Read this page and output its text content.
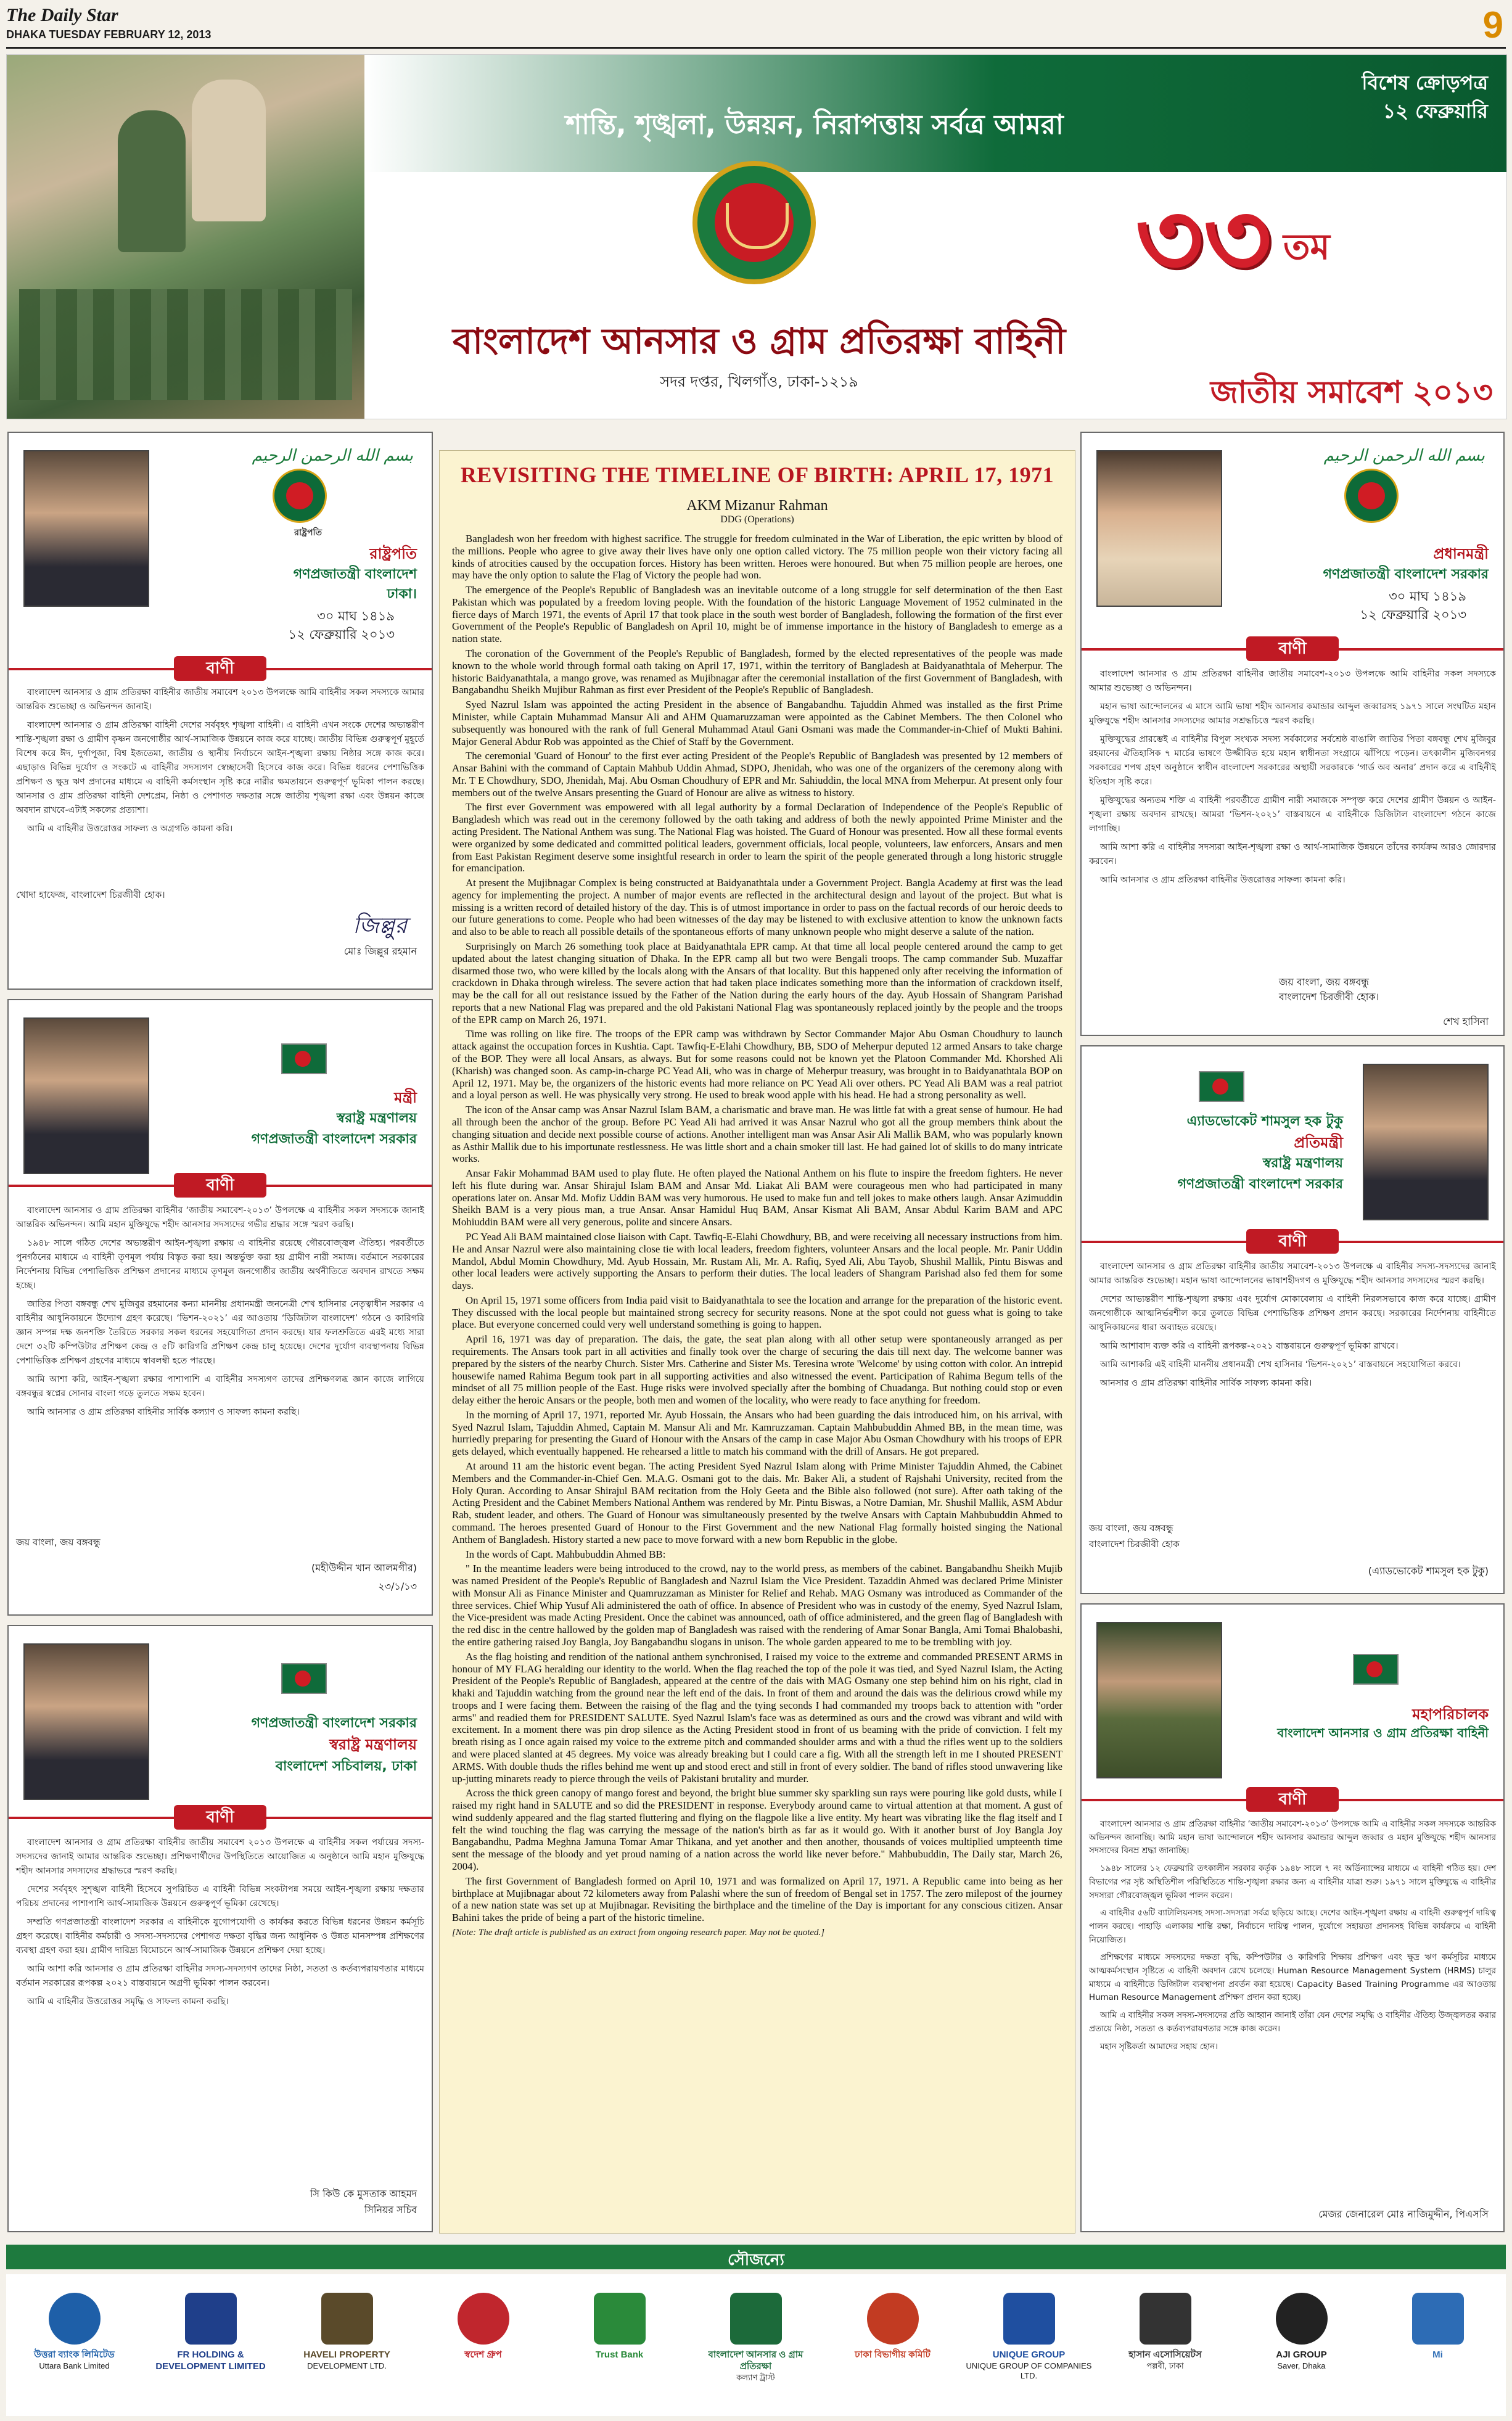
The Daily Star
DHAKA TUESDAY FEBRUARY 12, 2013	9
শান্তি, শৃঙ্খলা, উন্নয়ন, নিরাপত্তায় সর্বত্র আমরা
বিশেষ ক্রোড়পত্র
১২ ফেব্রুয়ারি
বাংলাদেশ আনসার ও গ্রাম প্রতিরক্ষা বাহিনী
সদর দপ্তর, খিলগাঁও, ঢাকা-১২১৯
৩৩ তম
জাতীয় সমাবেশ ২০১৩
بسم الله الرحمن الرحيم
রাষ্ট্রপতি
রাষ্ট্রপতি
গণপ্রজাতন্ত্রী বাংলাদেশ
ঢাকা।
৩০ মাঘ ১৪১৯
১২ ফেব্রুয়ারি ২০১৩
বাণী

বাংলাদেশ আনসার ও গ্রাম প্রতিরক্ষা বাহিনীর জাতীয় সমাবেশ ২০১৩ উপলক্ষে আমি বাহিনীর সকল সদস্যকে আমার আন্তরিক শুভেচ্ছা ও অভিনন্দন জানাই।

বাংলাদেশ আনসার ও গ্রাম প্রতিরক্ষা বাহিনী দেশের সর্ববৃহৎ শৃঙ্খলা বাহিনী। এ বাহিনী এখন সংকে দেশের অভ্যন্তরীণ শান্তি-শৃঙ্খলা রক্ষা ও গ্রামীণ কৃষ্ণন জনগোষ্ঠীর আর্থ-সামাজিক উন্নয়নে কাজ করে যাচ্ছে। জাতীয় বিভিন্ন গুরুত্বপূর্ণ মুহূর্তে বিশেষ করে ঈদ, দুর্গাপূজা, বিশ্ব ইজতেমা, জাতীয় ও স্থানীয় নির্বাচনে আইন-শৃঙ্খলা রক্ষায় নিষ্ঠার সঙ্গে কাজ করে। এছাড়াও বিভিন্ন দুর্যোগ ও সংকটে এ বাহিনীর সদস্যগণ স্বেচ্ছাসেবী হিসেবে কাজ করে। বিভিন্ন ধরনের পেশাভিত্তিক প্রশিক্ষণ ও ক্ষুদ্র ঋণ প্রদানের মাধ্যমে এ বাহিনী কর্মসংস্থান সৃষ্টি করে নারীর ক্ষমতায়নে গুরুত্বপূর্ণ ভূমিকা পালন করছে। আনসার ও গ্রাম প্রতিরক্ষা বাহিনী দেশপ্রেম, নিষ্ঠা ও পেশাগত দক্ষতার সঙ্গে জাতীয় শৃঙ্খলা রক্ষা এবং উন্নয়ন কাজে অবদান রাখবে-এটাই সকলের প্রত্যাশা।

আমি এ বাহিনীর উত্তরোত্তর সাফল্য ও অগ্রগতি কামনা করি।

খোদা হাফেজ, বাংলাদেশ চিরজীবী হোক।
জিল্লুর
মোঃ জিল্লুর রহমান
মন্ত্রী
স্বরাষ্ট্র মন্ত্রণালয়
গণপ্রজাতন্ত্রী বাংলাদেশ সরকার
বাণী

বাংলাদেশ আনসার ও গ্রাম প্রতিরক্ষা বাহিনীর ‘জাতীয় সমাবেশ-২০১৩’ উপলক্ষে এ বাহিনীর সকল সদস্যকে জানাই আন্তরিক অভিনন্দন। আমি মহান মুক্তিযুদ্ধে শহীদ আনসার সদস্যদের গভীর শ্রদ্ধার সঙ্গে স্মরণ করছি।

১৯৪৮ সালে গঠিত দেশের অভ্যন্তরীণ আইন-শৃঙ্খলা রক্ষায় এ বাহিনীর রয়েছে গৌরবোজ্জ্বল ঐতিহ্য। পরবর্তীতে পুনর্গঠনের মাধ্যমে এ বাহিনী তৃণমূল পর্যায় বিস্তৃত করা হয়। অন্তর্ভুক্ত করা হয় গ্রামীণ নারী সমাজ। বর্তমানে সরকারের নির্দেশনায় বিভিন্ন পেশাভিত্তিক প্রশিক্ষণ প্রদানের মাধ্যমে তৃণমূল জনগোষ্ঠীর জাতীয় অর্থনীতিতে অবদান রাখতে সক্ষম হচ্ছে।

জাতির পিতা বঙ্গবন্ধু শেখ মুজিবুর রহমানের কন্যা মাননীয় প্রধানমন্ত্রী জননেত্রী শেখ হাসিনার নেতৃত্বাধীন সরকার এ বাহিনীর আধুনিকায়নে উদ্যোগ গ্রহণ করেছে। ‘ভিশন-২০২১’ এর আওতায় ‘ডিজিটাল বাংলাদেশ’ গঠনে ও কারিগরি জ্ঞান সম্পন্ন দক্ষ জনশক্তি তৈরিতে সরকার সকল ধরনের সহযোগিতা প্রদান করছে। যার ফলশ্রুতিতে এরই মধ্যে সারা দেশে ৩২টি কম্পিউটার প্রশিক্ষণ কেন্দ্র ও ৫টি কারিগরি প্রশিক্ষণ কেন্দ্র চালু হয়েছে। দেশের দুর্যোগ ব্যবস্থাপনায় বিভিন্ন পেশাভিত্তিক প্রশিক্ষণ গ্রহণের মাধ্যমে স্বাবলম্বী হতে পারছে।

আমি আশা করি, আইন-শৃঙ্খলা রক্ষার পাশাপাশি এ বাহিনীর সদস্যগণ তাদের প্রশিক্ষণলব্ধ জ্ঞান কাজে লাগিয়ে বঙ্গবন্ধুর স্বপ্নের সোনার বাংলা গড়ে তুলতে সক্ষম হবেন।

আমি আনসার ও গ্রাম প্রতিরক্ষা বাহিনীর সার্বিক কল্যাণ ও সাফল্য কামনা করছি।

জয় বাংলা, জয় বঙ্গবন্ধু
(মহীউদ্দীন খান আলমগীর)
২৩/১/১৩
গণপ্রজাতন্ত্রী বাংলাদেশ সরকার
স্বরাষ্ট্র মন্ত্রণালয়
বাংলাদেশ সচিবালয়, ঢাকা
বাণী

বাংলাদেশ আনসার ও গ্রাম প্রতিরক্ষা বাহিনীর জাতীয় সমাবেশ ২০১৩ উপলক্ষে এ বাহিনীর সকল পর্যায়ের সদস্য-সদস্যদের জানাই আমার আন্তরিক শুভেচ্ছা। প্রশিক্ষণার্থীদের উপস্থিতিতে আয়োজিত এ অনুষ্ঠানে আমি মহান মুক্তিযুদ্ধে শহীদ আনসার সদস্যদের শ্রদ্ধাভরে স্মরণ করছি।

দেশের সর্ববৃহৎ সুশৃঙ্খল বাহিনী হিসেবে সুপরিচিত এ বাহিনী বিভিন্ন সংকটাপন্ন সময়ে আইন-শৃঙ্খলা রক্ষায় দক্ষতার পরিচয় প্রদানের পাশাপাশি আর্থ-সামাজিক উন্নয়নে গুরুত্বপূর্ণ ভূমিকা রেখেছে।

সম্প্রতি গণপ্রজাতন্ত্রী বাংলাদেশ সরকার এ বাহিনীকে যুগোপযোগী ও কার্যকর করতে বিভিন্ন ধরনের উন্নয়ন কর্মসূচি গ্রহণ করেছে। বাহিনীর কর্মচারী ও সদস্য-সদস্যদের পেশাগত দক্ষতা বৃদ্ধির জন্য আধুনিক ও উন্নত মানসম্পন্ন প্রশিক্ষণের ব্যবস্থা গ্রহণ করা হয়। গ্রামীণ দারিদ্র্য বিমোচনে আর্থ-সামাজিক উন্নয়নে প্রশিক্ষণ দেয়া হচ্ছে।

আমি আশা করি আনসার ও গ্রাম প্রতিরক্ষা বাহিনীর সদস্য-সদস্যগণ তাদের নিষ্ঠা, সততা ও কর্তব্যপরায়ণতার মাধ্যমে বর্তমান সরকারের রূপকল্প ২০২১ বাস্তবায়নে অগ্রণী ভূমিকা পালন করবেন।

আমি এ বাহিনীর উত্তরোত্তর সমৃদ্ধি ও সাফল্য কামনা করছি।

সি কিউ কে মুসতাক আহমদ
সিনিয়র সচিব
REVISITING THE TIMELINE OF BIRTH: APRIL 17, 1971
AKM Mizanur Rahman
DDG (Operations)

Bangladesh won her freedom with highest sacrifice. The struggle for freedom culminated in the War of Liberation, the epic written by blood of the millions. People who agree to give away their lives have only one option called victory. The 75 million people won their victory facing all kinds of atrocities caused by the occupation forces. History has been written. Heroes were honoured. But when 75 million people are heroes, one may have the only option to salute the Flag of Victory the people had won.

The emergence of the People's Republic of Bangladesh was an inevitable outcome of a long struggle for self determination of the then East Pakistan which was populated by a freedom loving people. With the foundation of the historic Language Movement of 1952 culminated in the fierce days of March 1971, the events of April 17 that took place in the south west border of Bangladesh, following the formation of the first ever Government of the People's Republic of Bangladesh on April 10, might be of immense importance in the history of Bangladesh to emerge as a nation state.

The coronation of the Government of the People's Republic of Bangladesh, formed by the elected representatives of the people was made known to the whole world through formal oath taking on April 17, 1971, within the territory of Bangladesh at Baidyanathtala of Meherpur. The historic Baidyanathtala, a mango grove, was renamed as Mujibnagar after the ceremonial installation of the first Government of Bangladesh, with Bangabandhu Sheikh Mujibur Rahman as first ever President of the People's Republic of Bangladesh.

Syed Nazrul Islam was appointed the acting President in the absence of Bangabandhu. Tajuddin Ahmed was installed as the first Prime Minister, while Captain Muhammad Mansur Ali and AHM Quamaruzzaman were appointed as the Cabinet Members. The then Colonel who subsequently was honoured with the rank of full General Muhammad Ataul Gani Osmani was made the Commander-in-Chief of Mukti Bahini. Major General Abdur Rob was appointed as the Chief of Staff by the Government.

The ceremonial 'Guard of Honour' to the first ever acting President of the People's Republic of Bangladesh was presented by 12 members of Ansar Bahini with the command of Captain Mahbub Uddin Ahmad, SDPO, Jhenidah, who was one of the organizers of the ceremony along with Mr. T E Chowdhury, SDO, Jhenidah, Maj. Abu Osman Choudhury of EPR and Mr. Sahiuddin, the local MNA from Meherpur. At present only four members out of the twelve Ansars presenting the Guard of Honour are alive as witness to history.

The first ever Government was empowered with all legal authority by a formal Declaration of Independence of the People's Republic of Bangladesh which was read out in the ceremony followed by the oath taking and address of both the newly appointed Prime Minister and the acting President. The National Anthem was sung. The National Flag was hoisted. The Guard of Honour was presented. How all these formal events were organized by some dedicated and committed political leaders, government officials, local people, volunteers, law enforcers, Ansars and men from East Pakistan Regiment deserve some insightful research in order to learn the spirit of the people generated through a long historic struggle for emancipation.

At present the Mujibnagar Complex is being constructed at Baidyanathtala under a Government Project. Bangla Academy at first was the lead agency for implementing the project. A number of major events are reflected in the architectural design and layout of the project. But what is missing is a written record of detailed history of the day. This is of utmost importance in order to pass on the factual records of our heroic deeds to our future generations to come. People who had been witnesses of the day may be listened to with exclusive attention to know the unknown facts and also to be able to reach all possible details of the spontaneous efforts of many unknown people who might deserve a salute of the nation.

Surprisingly on March 26 something took place at Baidyanathtala EPR camp. At that time all local people centered around the camp to get updated about the latest changing situation of Dhaka. In the EPR camp all but two were Bengali troops. The camp commander Sub. Muzaffar disarmed those two, who were killed by the locals along with the Ansars of that locality. But this happened only after receiving the information of crackdown in Dhaka through wireless. The severe action that had taken place indicates something more than the information of crackdown itself, may be the call for all out resistance issued by the Father of the Nation during the early hours of the day. Ayub Hossain of Shangram Parishad reports that a new National Flag was prepared and the old Pakistani National Flag was spontaneously replaced jointly by the people and the troops of the EPR camp on March 26, 1971.

Time was rolling on like fire. The troops of the EPR camp was withdrawn by Sector Commander Major Abu Osman Choudhury to launch attack against the occupation forces in Kushtia. Capt. Tawfiq-E-Elahi Chowdhury, BB, SDO of Meherpur deputed 12 armed Ansars to take charge of the BOP. They were all local Ansars, as always. But for some reasons could not be known yet the Platoon Commander Md. Khorshed Ali (Kharish) was changed soon. As camp-in-charge PC Yead Ali, who was in charge of Meherpur treasury, was brought in to Baidyanathtala BOP on April 12, 1971. May be, the organizers of the historic events had more reliance on PC Yead Ali over others. PC Yead Ali BAM was a real patriot and a loyal person as well. He was physically very strong. He used to break wood apple with his head. He had a strong personality as well.

The icon of the Ansar camp was Ansar Nazrul Islam BAM, a charismatic and brave man. He was little fat with a great sense of humour. He had all through been the anchor of the group. Before PC Yead Ali had arrived it was Ansar Nazrul who got all the group members think about the changing situation and decide next possible course of actions. Another intelligent man was Ansar Asir Ali Mallik BAM, who was popularly known as Asthir Mallik due to his importunate restlessness. He was little short and a chain smoker till last. He had gained lot of skills to do many intricate works.

Ansar Fakir Mohammad BAM used to play flute. He often played the National Anthem on his flute to inspire the freedom fighters. He never left his flute during war. Ansar Shirajul Islam BAM and Ansar Md. Liakat Ali BAM were courageous men who had participated in many operations later on. Ansar Md. Mofiz Uddin BAM was very humorous. He used to make fun and tell jokes to make others laugh. Ansar Azimuddin Sheikh BAM is a very pious man, a true Ansar. Ansar Hamidul Huq BAM, Ansar Kismat Ali BAM, Ansar Abdul Karim BAM and APC Mohiuddin BAM were all very generous, polite and sincere Ansars.

PC Yead Ali BAM maintained close liaison with Capt. Tawfiq-E-Elahi Chowdhury, BB, and were receiving all necessary instructions from him. He and Ansar Nazrul were also maintaining close tie with local leaders, freedom fighters, volunteer Ansars and the local people. Mr. Panir Uddin Mandol, Abdul Momin Chowdhury, Md. Ayub Hossain, Mr. Rustam Ali, Mr. A. Rafiq, Syed Ali, Abu Tayob, Shushil Mallik, Pintu Biswas and other local leaders were actively supporting the Ansars to perform their duties. The local leaders of Shangram Parishad also fed them for some days.

On April 15, 1971 some officers from India paid visit to Baidyanathtala to see the location and arrange for the preparation of the historic event. They discussed with the local people but maintained strong secrecy for security reasons. None at the spot could not guess what is going to take place. But everyone concerned could very well understand something is going to happen.

April 16, 1971 was day of preparation. The dais, the gate, the seat plan along with all other setup were spontaneously arranged as per requirements. The Ansars took part in all activities and finally took over the charge of securing the dais till next day. The welcome banner was prepared by the sisters of the nearby Church. Sister Mrs. Catherine and Sister Ms. Teresina wrote 'Welcome' by using cotton with color. An intrepid housewife named Rahima Begum took part in all supporting activities and also witnessed the event. Participation of Rahima Begum tells of the mindset of all 75 million people of the East. Huge risks were involved specially after the bombing of Chuadanga. But nothing could stop or even delay either the heroic Ansars or the people, both men and women of the locality, who were ready to face anything for freedom.

In the morning of April 17, 1971, reported Mr. Ayub Hossain, the Ansars who had been guarding the dais introduced him, on his arrival, with Syed Nazrul Islam, Tajuddin Ahmed, Captain M. Mansur Ali and Mr. Kamruzzaman. Captain Mahbubuddin Ahmed BB, in the mean time, was hurriedly preparing for presenting the Guard of Honour with the Ansars of the camp in case Major Abu Osman Chowdhury with his troops of EPR gets delayed, which eventually happened. He rehearsed a little to match his command with the drill of Ansars. He got prepared.

At around 11 am the historic event began. The acting President Syed Nazrul Islam along with Prime Minister Tajuddin Ahmed, the Cabinet Members and the Commander-in-Chief Gen. M.A.G. Osmani got to the dais. Mr. Baker Ali, a student of Rajshahi University, recited from the Holy Quran. According to Ansar Shirajul BAM recitation from the Holy Geeta and the Bible also followed (not sure). After oath taking of the Acting President and the Cabinet Members National Anthem was rendered by Mr. Pintu Biswas, a Notre Damian, Mr. Shushil Mallik, ASM Abdur Rab, student leader, and others. The Guard of Honour was simultaneously presented by the twelve Ansars with Captain Mahbubuddin Ahmed to command. The heroes presented Guard of Honour to the First Government and the new National Flag formally hoisted singing the National Anthem of Bangladesh. History started a new pace to move forward with a new born Republic in the globe.

In the words of Capt. Mahbubuddin Ahmed BB:

" In the meantime leaders were being introduced to the crowd, nay to the world press, as members of the cabinet. Bangabandhu Sheikh Mujib was named President of the People's Republic of Bangladesh and Nazrul Islam the Vice President. Tazaddin Ahmed was declared Prime Minister with Monsur Ali as Finance Minister and Quamruzzaman as Minister for Relief and Rehab. MAG Osmany was introduced as Commander of the three services. Chief Whip Yusuf Ali administered the oath of office. In absence of President who was in custody of the enemy, Syed Nazrul Islam, the Vice-president was made Acting President. Once the cabinet was announced, oath of office administered, and the green flag of Bangladesh with the red disc in the centre hallowed by the golden map of Bangladesh was raised with the rendering of Amar Sonar Bangla, Ami Tomai Bhalobashi, the entire gathering raised Joy Bangla, Joy Bangabandhu slogans in unison. The whole garden appeared to me to be trembling with joy.

As the flag hoisting and rendition of the national anthem synchronised, I raised my voice to the extreme and commanded PRESENT ARMS in honour of MY FLAG heralding our identity to the world. When the flag reached the top of the pole it was tied, and Syed Nazrul Islam, the Acting President of the People's Republic of Bangladesh, appeared at the centre of the dais with MAG Osmany one step behind him on his right, clad in khaki and Tajuddin watching from the ground near the left end of the dais. In front of them and around the dais was the delirious crowd while my troops and I were facing them. Between the raising of the flag and the tying seconds I had commanded my troops back to attention with "order arms" and readied them for PRESIDENT SALUTE. Syed Nazrul Islam's face was as determined as ours and the crowd was vibrant and wild with excitement. In a moment there was pin drop silence as the Acting President stood in front of us beaming with the pride of conviction. I felt my breath rising as I once again raised my voice to the extreme pitch and commanded shoulder arms and with a thud the rifles went up to the soldiers and were placed slanted at 45 degrees. My voice was already breaking but I could care a fig. With all the strength left in me I shouted PRESENT ARMS. With double thuds the rifles behind me went up and stood erect and still in front of every soldier. The band of rifles stood unwavering like up-jutting minarets ready to pierce through the veils of Pakistani brutality and murder.

Across the thick green canopy of mango forest and beyond, the bright blue summer sky sparkling sun rays were pouring like gold dusts, while I raised my right hand in SALUTE and so did the PRESIDENT in response. Everybody around came to virtual attention at that moment. A gust of wind suddenly appeared and the flag started fluttering and flying on the flagpole like a live entity. My heart was vibrating like the flag itself and I felt the wind touching the flag was carrying the message of the nation's birth as far as it would go. With it another burst of Joy Bangla Joy Bangabandhu, Padma Meghna Jamuna Tomar Amar Thikana, and yet another and then another, thousands of voices multiplied umpteenth time sent the message of the bloody and yet proud naming of a nation across the world like never before." Mahbubuddin, The Daily star, March 26, 2004).

The first Government of Bangladesh formed on April 10, 1971 and was formalized on April 17, 1971. A Republic came into being as her birthplace at Mujibnagar about 72 kilometers away from Palashi where the sun of freedom of Bengal set in 1757. The zero milepost of the journey of a new nation state was set up at Mujibnagar. Revisiting the birthplace and the timeline of the Day is important for any conscious citizen. Ansar Bahini takes the pride of being a part of the historic timeline.

[Note: The draft article is published as an extract from ongoing research paper. May not be quoted.]
بسم الله الرحمن الرحيم
প্রধানমন্ত্রী
গণপ্রজাতন্ত্রী বাংলাদেশ সরকার
৩০ মাঘ ১৪১৯
১২ ফেব্রুয়ারি ২০১৩
বাণী

বাংলাদেশ আনসার ও গ্রাম প্রতিরক্ষা বাহিনীর জাতীয় সমাবেশ-২০১৩ উপলক্ষে আমি বাহিনীর সকল সদস্যকে আমার শুভেচ্ছা ও অভিনন্দন।

মহান ভাষা আন্দোলনের এ মাসে আমি ভাষা শহীদ আনসার কমান্ডার আব্দুল জব্বারসহ ১৯৭১ সালে সংঘটিত মহান মুক্তিযুদ্ধে শহীদ আনসার সদস্যদের আমার সশ্রদ্ধচিত্তে স্মরণ করছি।

মুক্তিযুদ্ধের প্রারম্ভেই এ বাহিনীর বিপুল সংখ্যক সদস্য সর্বকালের সর্বশ্রেষ্ঠ বাঙালি জাতির পিতা বঙ্গবন্ধু শেখ মুজিবুর রহমানের ঐতিহাসিক ৭ মার্চের ভাষণে উজ্জীবিত হয়ে মহান স্বাধীনতা সংগ্রামে ঝাঁপিয়ে পড়েন। তৎকালীন মুজিবনগর সরকারের শপথ গ্রহণ অনুষ্ঠানে স্বাধীন বাংলাদেশ সরকারের অস্থায়ী সরকারকে ‘গার্ড অব অনার’ প্রদান করে এ বাহিনীই ইতিহাস সৃষ্টি করে।

মুক্তিযুদ্ধের অন্যতম শক্তি এ বাহিনী পরবর্তীতে গ্রামীণ নারী সমাজকে সম্পৃক্ত করে দেশের গ্রামীণ উন্নয়ন ও আইন-শৃঙ্খলা রক্ষায় অবদান রাখছে। আমরা ‘ভিশন-২০২১’ বাস্তবায়নে এ বাহিনীকে ডিজিটাল বাংলাদেশ গঠনে কাজে লাগাচ্ছি।

আমি আশা করি এ বাহিনীর সদস্যরা আইন-শৃঙ্খলা রক্ষা ও আর্থ-সামাজিক উন্নয়নে তাঁদের কার্যক্রম আরও জোরদার করবেন।

আমি আনসার ও গ্রাম প্রতিরক্ষা বাহিনীর উত্তরোত্তর সাফল্য কামনা করি।

জয় বাংলা, জয় বঙ্গবন্ধু
বাংলাদেশ চিরজীবী হোক।
শেখ হাসিনা
এ্যাডভোকেট শামসুল হক টুকু
প্রতিমন্ত্রী
স্বরাষ্ট্র মন্ত্রণালয়
গণপ্রজাতন্ত্রী বাংলাদেশ সরকার
বাণী

বাংলাদেশ আনসার ও গ্রাম প্রতিরক্ষা বাহিনীর জাতীয় সমাবেশ-২০১৩ উপলক্ষে এ বাহিনীর সদস্য-সদস্যদের জানাই আমার আন্তরিক শুভেচ্ছা। মহান ভাষা আন্দোলনের ভাষাশহীদগণ ও মুক্তিযুদ্ধে শহীদ আনসার সদস্যদের স্মরণ করছি।

দেশের আভ্যন্তরীণ শান্তি-শৃঙ্খলা রক্ষায় এবং দুর্যোগ মোকাবেলায় এ বাহিনী নিরলসভাবে কাজ করে যাচ্ছে। গ্রামীণ জনগোষ্ঠীকে আত্মনির্ভরশীল করে তুলতে বিভিন্ন পেশাভিত্তিক প্রশিক্ষণ প্রদান করছে। সরকারের নির্দেশনায় বাহিনীতে আধুনিকায়নের ধারা অব্যাহত রয়েছে।

আমি আশাবাদ ব্যক্ত করি এ বাহিনী রূপকল্প-২০২১ বাস্তবায়নে গুরুত্বপূর্ণ ভূমিকা রাখবে।

আমি আশাকরি এই বাহিনী মাননীয় প্রধানমন্ত্রী শেখ হাসিনার ‘ভিশন-২০২১’ বাস্তবায়নে সহযোগিতা করবে।

আনসার ও গ্রাম প্রতিরক্ষা বাহিনীর সার্বিক সাফল্য কামনা করি।

জয় বাংলা, জয় বঙ্গবন্ধু
বাংলাদেশ চিরজীবী হোক
(এ্যাডভোকেট শামসুল হক টুকু)
মহাপরিচালক
বাংলাদেশ আনসার ও গ্রাম প্রতিরক্ষা বাহিনী
বাণী

বাংলাদেশ আনসার ও গ্রাম প্রতিরক্ষা বাহিনীর ‘জাতীয় সমাবেশ-২০১৩’ উপলক্ষে আমি এ বাহিনীর সকল সদস্যকে আন্তরিক অভিনন্দন জানাচ্ছি। আমি মহান ভাষা আন্দোলনে শহীদ আনসার কমান্ডার আব্দুল জব্বার ও মহান মুক্তিযুদ্ধে শহীদ আনসার সদস্যদের বিনম্র শ্রদ্ধা জানাচ্ছি।

১৯৪৮ সালের ১২ ফেব্রুয়ারি তৎকালীন সরকার কর্তৃক ১৯৪৮ সালে ৭ নং অর্ডিন্যান্সের মাধ্যমে এ বাহিনী গঠিত হয়। দেশ বিভাগের পর সৃষ্ট অস্থিতিশীল পরিস্থিতিতে শান্তি-শৃঙ্খলা রক্ষার জন্য এ বাহিনীর যাত্রা শুরু। ১৯৭১ সালে মুক্তিযুদ্ধে এ বাহিনীর সদস্যরা গৌরবোজ্জ্বল ভূমিকা পালন করেন।

এ বাহিনীর ৫৬টি ব্যাটালিয়নসহ সদস্য-সদস্যরা সর্বত্র ছড়িয়ে আছে। দেশের আইন-শৃঙ্খলা রক্ষায় এ বাহিনী গুরুত্বপূর্ণ দায়িত্ব পালন করছে। পাহাড়ি এলাকায় শান্তি রক্ষা, নির্বাচনে দায়িত্ব পালন, দুর্যোগে সহায়তা প্রদানসহ বিভিন্ন কার্যক্রমে এ বাহিনী নিয়োজিত।

প্রশিক্ষণের মাধ্যমে সদস্যদের দক্ষতা বৃদ্ধি, কম্পিউটার ও কারিগরি শিক্ষায় প্রশিক্ষণ এবং ক্ষুদ্র ঋণ কর্মসূচির মাধ্যমে আত্মকর্মসংস্থান সৃষ্টিতে এ বাহিনী অবদান রেখে চলেছে। Human Resource Management System (HRMS) চালুর মাধ্যমে এ বাহিনীতে ডিজিটাল ব্যবস্থাপনা প্রবর্তন করা হয়েছে। Capacity Based Training Programme এর আওতায় Human Resource Management প্রশিক্ষণ প্রদান করা হচ্ছে।

আমি এ বাহিনীর সকল সদস্য-সদস্যদের প্রতি আহ্বান জানাই তাঁরা যেন দেশের সমৃদ্ধি ও বাহিনীর ঐতিহ্য উজ্জ্বলতর করার প্রত্যয়ে নিষ্ঠা, সততা ও কর্তব্যপরায়ণতার সঙ্গে কাজ করেন।

মহান সৃষ্টিকর্তা আমাদের সহায় হোন।

মেজর জেনারেল মোঃ নাজিমুদ্দীন, পিএসসি
সৌজন্যে
উত্তরা ব্যাংক লিমিটেড
Uttara Bank Limited
FR HOLDING & DEVELOPMENT LIMITED
HAVELI PROPERTY
DEVELOPMENT LTD.
স্বদেশ গ্রুপ	Trust Bank	বাংলাদেশ আনসার ও গ্রাম প্রতিরক্ষা
কল্যাণ ট্রাস্ট
ঢাকা বিভাগীয় কমিটি	UNIQUE GROUP
UNIQUE GROUP OF COMPANIES LTD.
হাসান এসোসিয়েটস
পল্লবী, ঢাকা
AJI GROUP
Saver, Dhaka
Mi
